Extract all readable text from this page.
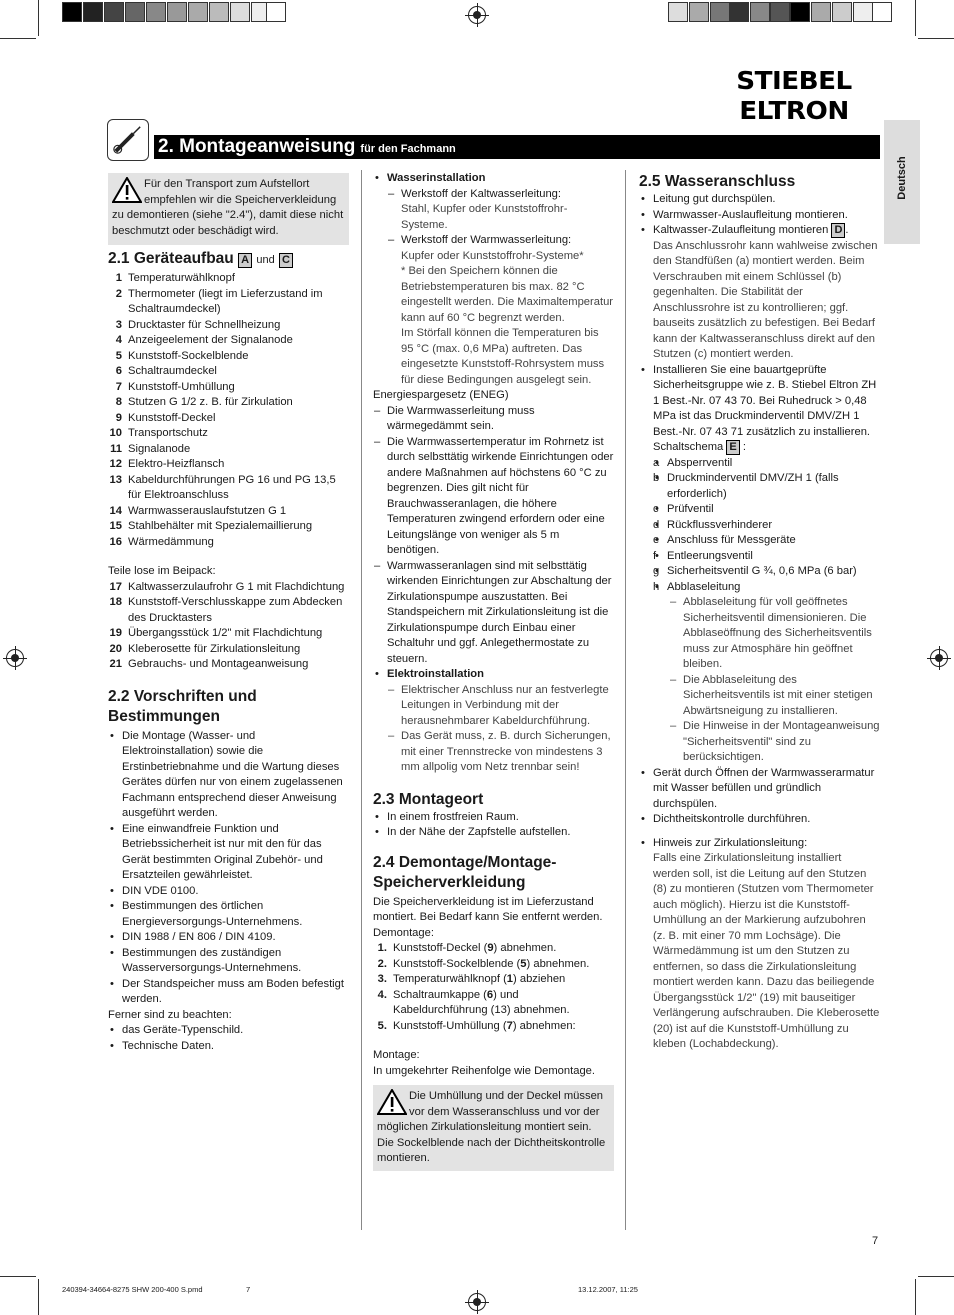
STIEBEL ELTRON
2. Montageanweisung für den Fachmann
Deutsch
Für den Transport zum Aufstellort empfehlen wir die Speicherverkleidung zu demontieren (siehe "2.4"), damit diese nicht beschmutzt oder beschädigt wird.
2.1 Geräteaufbau A und C
1 Temperaturwählknopf
2 Thermometer (liegt im Lieferzustand im Schaltraumdeckel)
3 Drucktaster für Schnellheizung
4 Anzeigeelement der Signalanode
5 Kunststoff-Sockelblende
6 Schaltraumdeckel
7 Kunststoff-Umhüllung
8 Stutzen G 1/2 z. B. für Zirkulation
9 Kunststoff-Deckel
10 Transportschutz
11 Signalanode
12 Elektro-Heizflansch
13 Kabeldurchführungen PG 16 und PG 13,5 für Elektroanschluss
14 Warmwasserauslaufstutzen G 1
15 Stahlbehälter mit Spezialemaillierung
16 Wärmedämmung

Teile lose im Beipack:

17 Kaltwasserzulaufrohr G 1 mit Flachdichtung
18 Kunststoff-Verschlusskappe zum Abdecken des Drucktasters
19 Übergangsstück 1/2" mit Flachdichtung
20 Kleberosette für Zirkulationsleitung
21 Gebrauchs- und Montageanweisung
2.2 Vorschriften und Bestimmungen
• Die Montage (Wasser- und Elektroinstallation) sowie die Erstinbetriebnahme und die Wartung dieses Gerätes dürfen nur von einem zugelassenen Fachmann entsprechend dieser Anweisung ausgeführt werden.
• Eine einwandfreie Funktion und Betriebssicherheit ist nur mit den für das Gerät bestimmten Original Zubehör- und Ersatzteilen gewährleistet.
• DIN VDE 0100.
• Bestimmungen des örtlichen Energieversorgungs-Unternehmens.
• DIN 1988 / EN 806 / DIN 4109.
• Bestimmungen des zuständigen Wasserversorgungs-Unternehmens.
• Der Standspeicher muss am Boden befestigt werden.

Ferner sind zu beachten:

• das Geräte-Typenschild.
• Technische Daten.
• Wasserinstallation
– Werkstoff der Kaltwasserleitung:
Stahl, Kupfer oder Kunststoffrohr-Systeme.
– Werkstoff der Warmwasserleitung:
Kupfer oder Kunststoffrohr-Systeme*
* Bei den Speichern können die Betriebstemperaturen bis max. 82 °C eingestellt werden. Die Maximaltemperatur kann auf 60 °C begrenzt werden.
Im Störfall können die Temperaturen bis 95 °C (max. 0,6 MPa) auftreten. Das eingesetzte Kunststoff-Rohrsystem muss für diese Bedingungen ausgelegt sein.

Energiespargesetz (ENEG)

– Die Warmwasserleitung muss wärmegedämmt sein.
– Die Warmwassertemperatur im Rohrnetz ist durch selbsttätig wirkende Einrichtungen oder andere Maßnahmen auf höchstens 60 °C zu begrenzen. Dies gilt nicht für Brauchwasseranlagen, die höhere Temperaturen zwingend erfordern oder eine Leitungslänge von weniger als 5 m benötigen.
– Warmwasseranlagen sind mit selbsttätig wirkenden Einrichtungen zur Abschaltung der Zirkulationspumpe auszustatten. Bei Standspeichern mit Zirkulationsleitung ist die Zirkulationspumpe durch Einbau einer Schaltuhr und ggf. Anlegethermostate zu steuern.
• Elektroinstallation
– Elektrischer Anschluss nur an festverlegte Leitungen in Verbindung mit der herausnehmbarer Kabeldurchführung.
– Das Gerät muss, z. B. durch Sicherungen, mit einer Trennstrecke von mindestens 3 mm allpolig vom Netz trennbar sein!
2.3 Montageort
• In einem frostfreien Raum.
• In der Nähe der Zapfstelle aufstellen.
2.4 Demontage/Montage-Speicherverkleidung

Die Speicherverkleidung ist im Lieferzustand montiert. Bei Bedarf kann Sie entfernt werden.

Demontage:

1. Kunststoff-Deckel (9) abnehmen.
2. Kunststoff-Sockelblende (5) abnehmen.
3. Temperaturwählknopf (1) abziehen
4. Schaltraumkappe (6) und Kabeldurchführung (13) abnehmen.
5. Kunststoff-Umhüllung (7) abnehmen:

Montage:

In umgekehrter Reihenfolge wie Demontage.

Die Umhüllung und der Deckel müssen vor dem Wasseranschluss und vor der möglichen Zirkulationsleitung montiert sein.
Die Sockelblende nach der Dichtheitskontrolle montieren.
2.5 Wasseranschluss
• Leitung gut durchspülen.
• Warmwasser-Auslaufleitung montieren.
• Kaltwasser-Zulaufleitung montieren D .
Das Anschlussrohr kann wahlweise zwischen den Standfüßen (a) montiert werden. Beim Verschrauben mit einem Schlüssel (b) gegenhalten. Die Stabilität der Anschlussrohre ist zu kontrollieren; ggf. bauseits zusätzlich zu befestigen. Bei Bedarf kann der Kaltwasseranschluss direkt auf den Stutzen (c) montiert werden.
• Installieren Sie eine bauartgeprüfte Sicherheitsgruppe wie z. B. Stiebel Eltron ZH 1 Best.-Nr. 07 43 70. Bei Ruhedruck > 0,48 MPa ist das Druckminderventil DMV/ZH 1 Best.-Nr. 07 43 71 zusätzlich zu installieren.
Schaltschema E :
• a Absperrventil
• b Druckminderventil DMV/ZH 1 (falls erforderlich)
• c Prüfventil
• d Rückflussverhinderer
• e Anschluss für Messgeräte
• f Entleerungsventil
• g Sicherheitsventil G ¾, 0,6 MPa (6 bar)
• h Abblaseleitung
– Abblaseleitung für voll geöffnetes Sicherheitsventil dimensionieren. Die Abblaseöffnung des Sicherheitsventils muss zur Atmosphäre hin geöffnet bleiben.
– Die Abblaseleitung des Sicherheitsventils ist mit einer stetigen Abwärtsneigung zu installieren.
– Die Hinweise in der Montageanweisung "Sicherheitsventil" sind zu berücksichtigen.
• Gerät durch Öffnen der Warmwasserarmatur mit Wasser befüllen und gründlich durchspülen.
• Dichtheitskontrolle durchführen.
• Hinweis zur Zirkulationsleitung:
Falls eine Zirkulationsleitung installiert werden soll, ist die Leitung auf den Stutzen (8) zu montieren (Stutzen vom Thermometer auch möglich). Hierzu ist die Kunststoff-Umhüllung an der Markierung aufzubohren (z. B. mit einer 70 mm Lochsäge). Die Wärmedämmung ist um den Stutzen zu entfernen, so dass die Zirkulationsleitung montiert werden kann. Dazu das beiliegende Übergangsstück 1/2" (19) mit bauseitiger Verlängerung aufschrauben. Die Kleberosette (20) ist auf die Kunststoff-Umhüllung zu kleben (Lochabdeckung).
7
240394-34664-8275 SHW 200-400 S.pmd	7	13.12.2007, 11:25
